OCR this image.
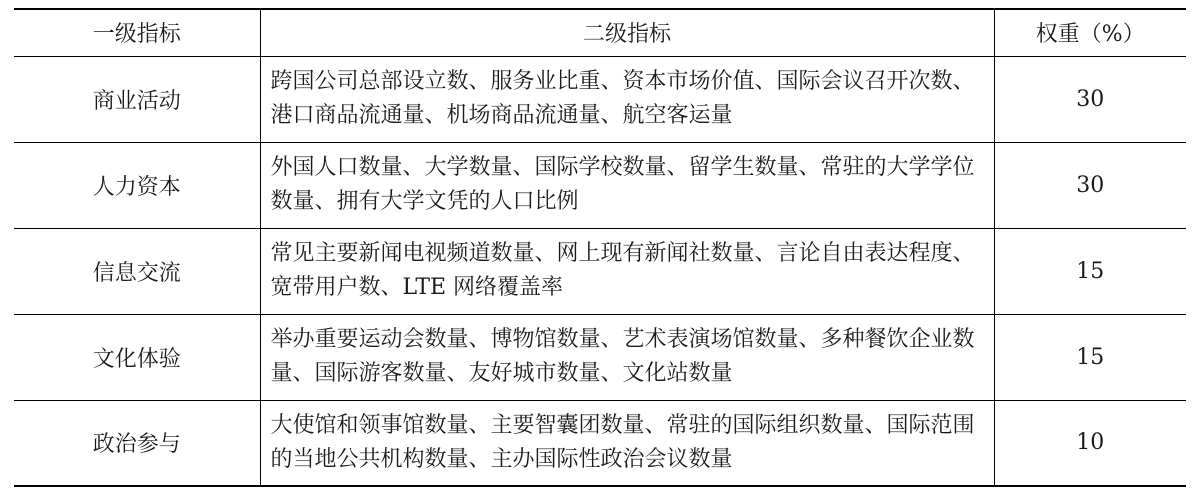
一级指标	二级指标	权重（%）
商业活动	跨国公司总部设立数、服务业比重、资本市场价值、国际会议召开次数、港口商品流通量、机场商品流通量、航空客运量	30
人力资本	外国人口数量、大学数量、国际学校数量、留学生数量、常驻的大学学位数量、拥有大学文凭的人口比例	30
信息交流	常见主要新闻电视频道数量、网上现有新闻社数量、言论自由表达程度、宽带用户数、LTE 网络覆盖率	15
文化体验	举办重要运动会数量、博物馆数量、艺术表演场馆数量、多种餐饮企业数量、国际游客数量、友好城市数量、文化站数量	15
政治参与	大使馆和领事馆数量、主要智囊团数量、常驻的国际组织数量、国际范围的当地公共机构数量、主办国际性政治会议数量	10
